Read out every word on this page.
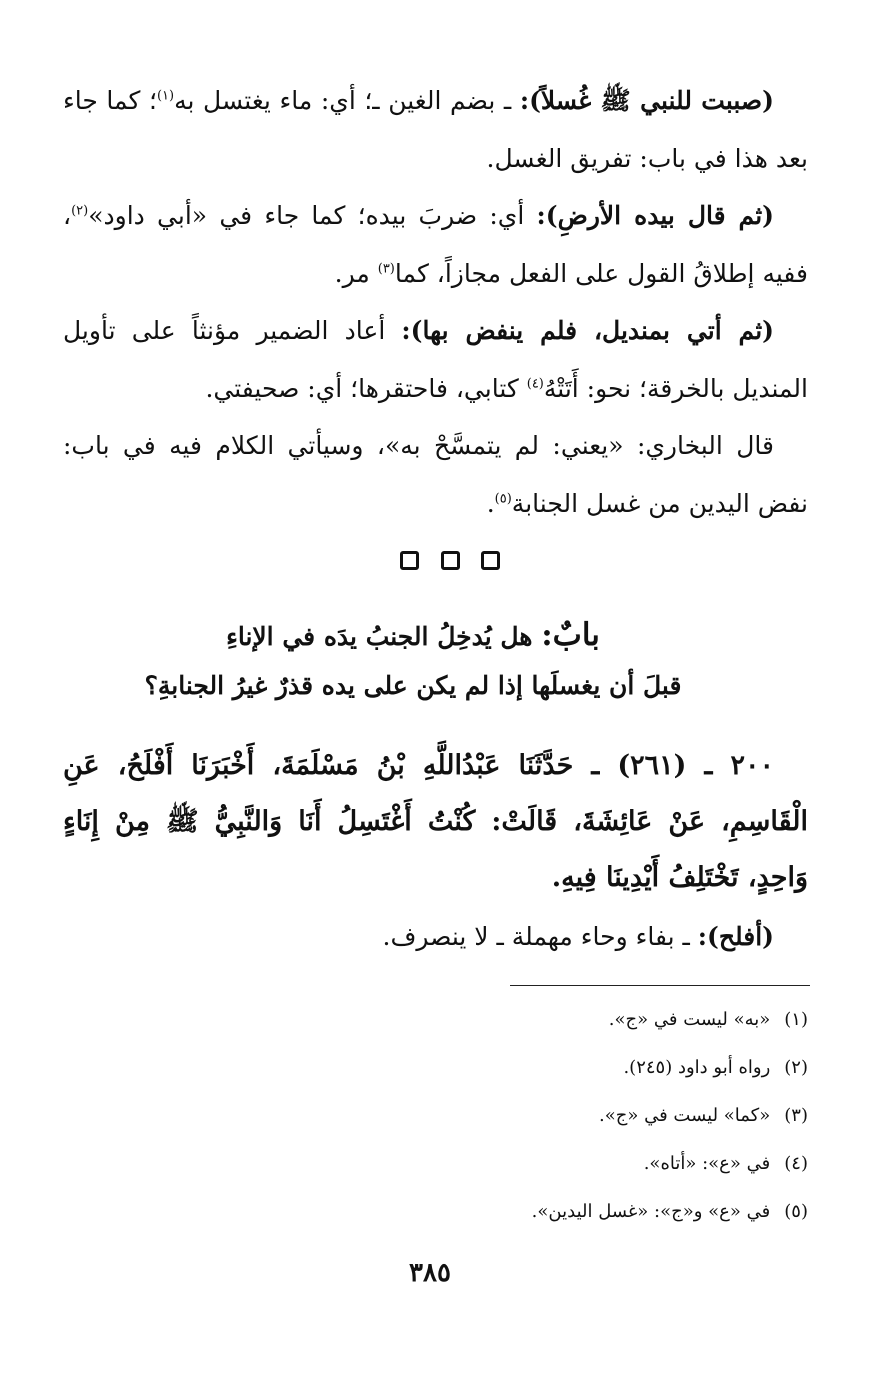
(صببت للنبي ﷺ غُسلاً): ـ بضم الغين ـ؛ أي: ماء يغتسل به$^{(١)}$؛ كما جاء بعد هذا في باب: تفريق الغسل.
(ثم قال بيده الأرضِ): أي: ضربَ بيده؛ كما جاء في «أبي داود»$^{(٢)}$، ففيه إطلاقُ القول على الفعل مجازاً، كما$^{(٣)}$ مر.
(ثم أتي بمنديل، فلم ينفض بها): أعاد الضمير مؤنثاً على تأويل المنديل بالخرقة؛ نحو: أَتَتْهُ$^{(٤)}$ كتابي، فاحتقرها؛ أي: صحيفتي.
قال البخاري: «يعني: لم يتمسَّحْ به»، وسيأتي الكلام فيه في باب: نفض اليدين من غسل الجنابة$^{(٥)}$.
بابٌ: هل يُدخِلُ الجنبُ يدَه في الإناءِ
قبلَ أن يغسلَها إذا لم يكن على يده قذرٌ غيرُ الجنابةِ؟
٢٠٠ ـ (٢٦١) ـ حَدَّثَنَا عَبْدُاللَّهِ بْنُ مَسْلَمَةَ، أَخْبَرَنَا أَفْلَحُ، عَنِ الْقَاسِمِ، عَنْ عَائِشَةَ، قَالَتْ: كُنْتُ أَغْتَسِلُ أَنَا وَالنَّبِيُّ ﷺ مِنْ إِنَاءٍ وَاحِدٍ، تَخْتَلِفُ أَيْدِينَا فِيهِ.
(أفلح): ـ بفاء وحاء مهملة ـ لا ينصرف.
(١)«به» ليست في «ج».
(٢)رواه أبو داود (٢٤٥).
(٣)«كما» ليست في «ج».
(٤)في «ع»: «أتاه».
(٥)في «ع» و«ج»: «غسل اليدين».
٣٨٥
